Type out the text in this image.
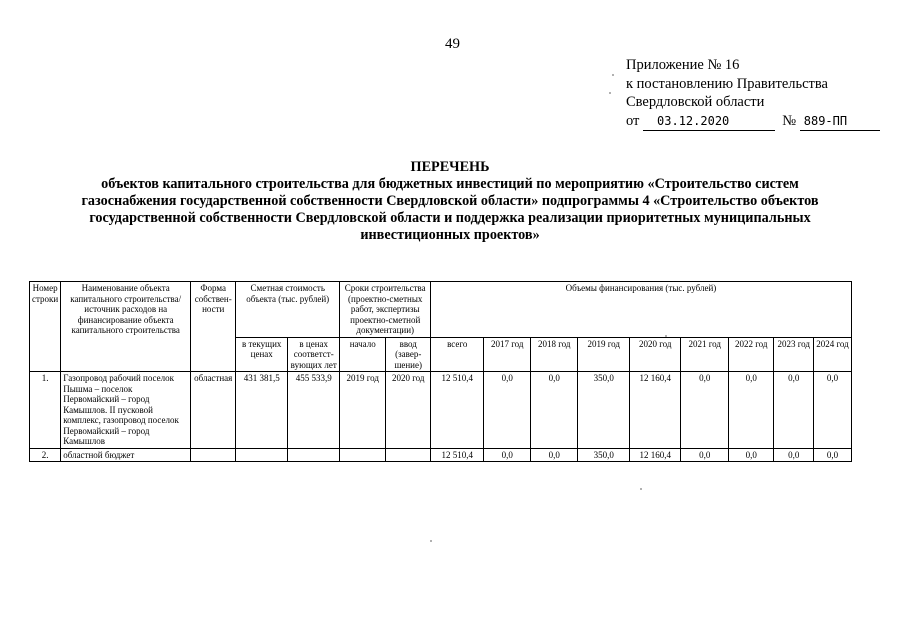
49
Приложение № 16
к постановлению Правительства
Свердловской области
от 03.12.2020	№ 889-ПП
ПЕРЕЧЕНЬ
объектов капитального строительства для бюджетных инвестиций по мероприятию «Строительство систем
газоснабжения государственной собственности Свердловской области» подпрограммы 4 «Строительство объектов
государственной собственности Свердловской области и поддержка реализации приоритетных муниципальных
инвестиционных проектов»
Номер строки	Наименование объекта капитального строительства/ источник расходов на финансирование объекта капитального строительства	Форма собствен-ности	Сметная стоимость объекта (тыс. рублей)		Сроки строительства (проектно-сметных работ, экспертизы проектно-сметной документации)		Объемы финансирования (тыс. рублей)								
			в текущих ценах	в ценах соответст-вующих лет	начало	ввод (завер-шение)	всего	2017 год	2018 год	2019 год	2020 год	2021 год	2022 год	2023 год	2024 год
1.	Газопровод рабочий поселок Пышма – поселок Первомайский – город Камышлов. II пусковой комплекс, газопровод поселок Первомайский – город Камышлов	областная	431 381,5	455 533,9	2019 год	2020 год	12 510,4	0,0	0,0	350,0	12 160,4	0,0	0,0	0,0	0,0
2.	областной бюджет						12 510,4	0,0	0,0	350,0	12 160,4	0,0	0,0	0,0	0,0
